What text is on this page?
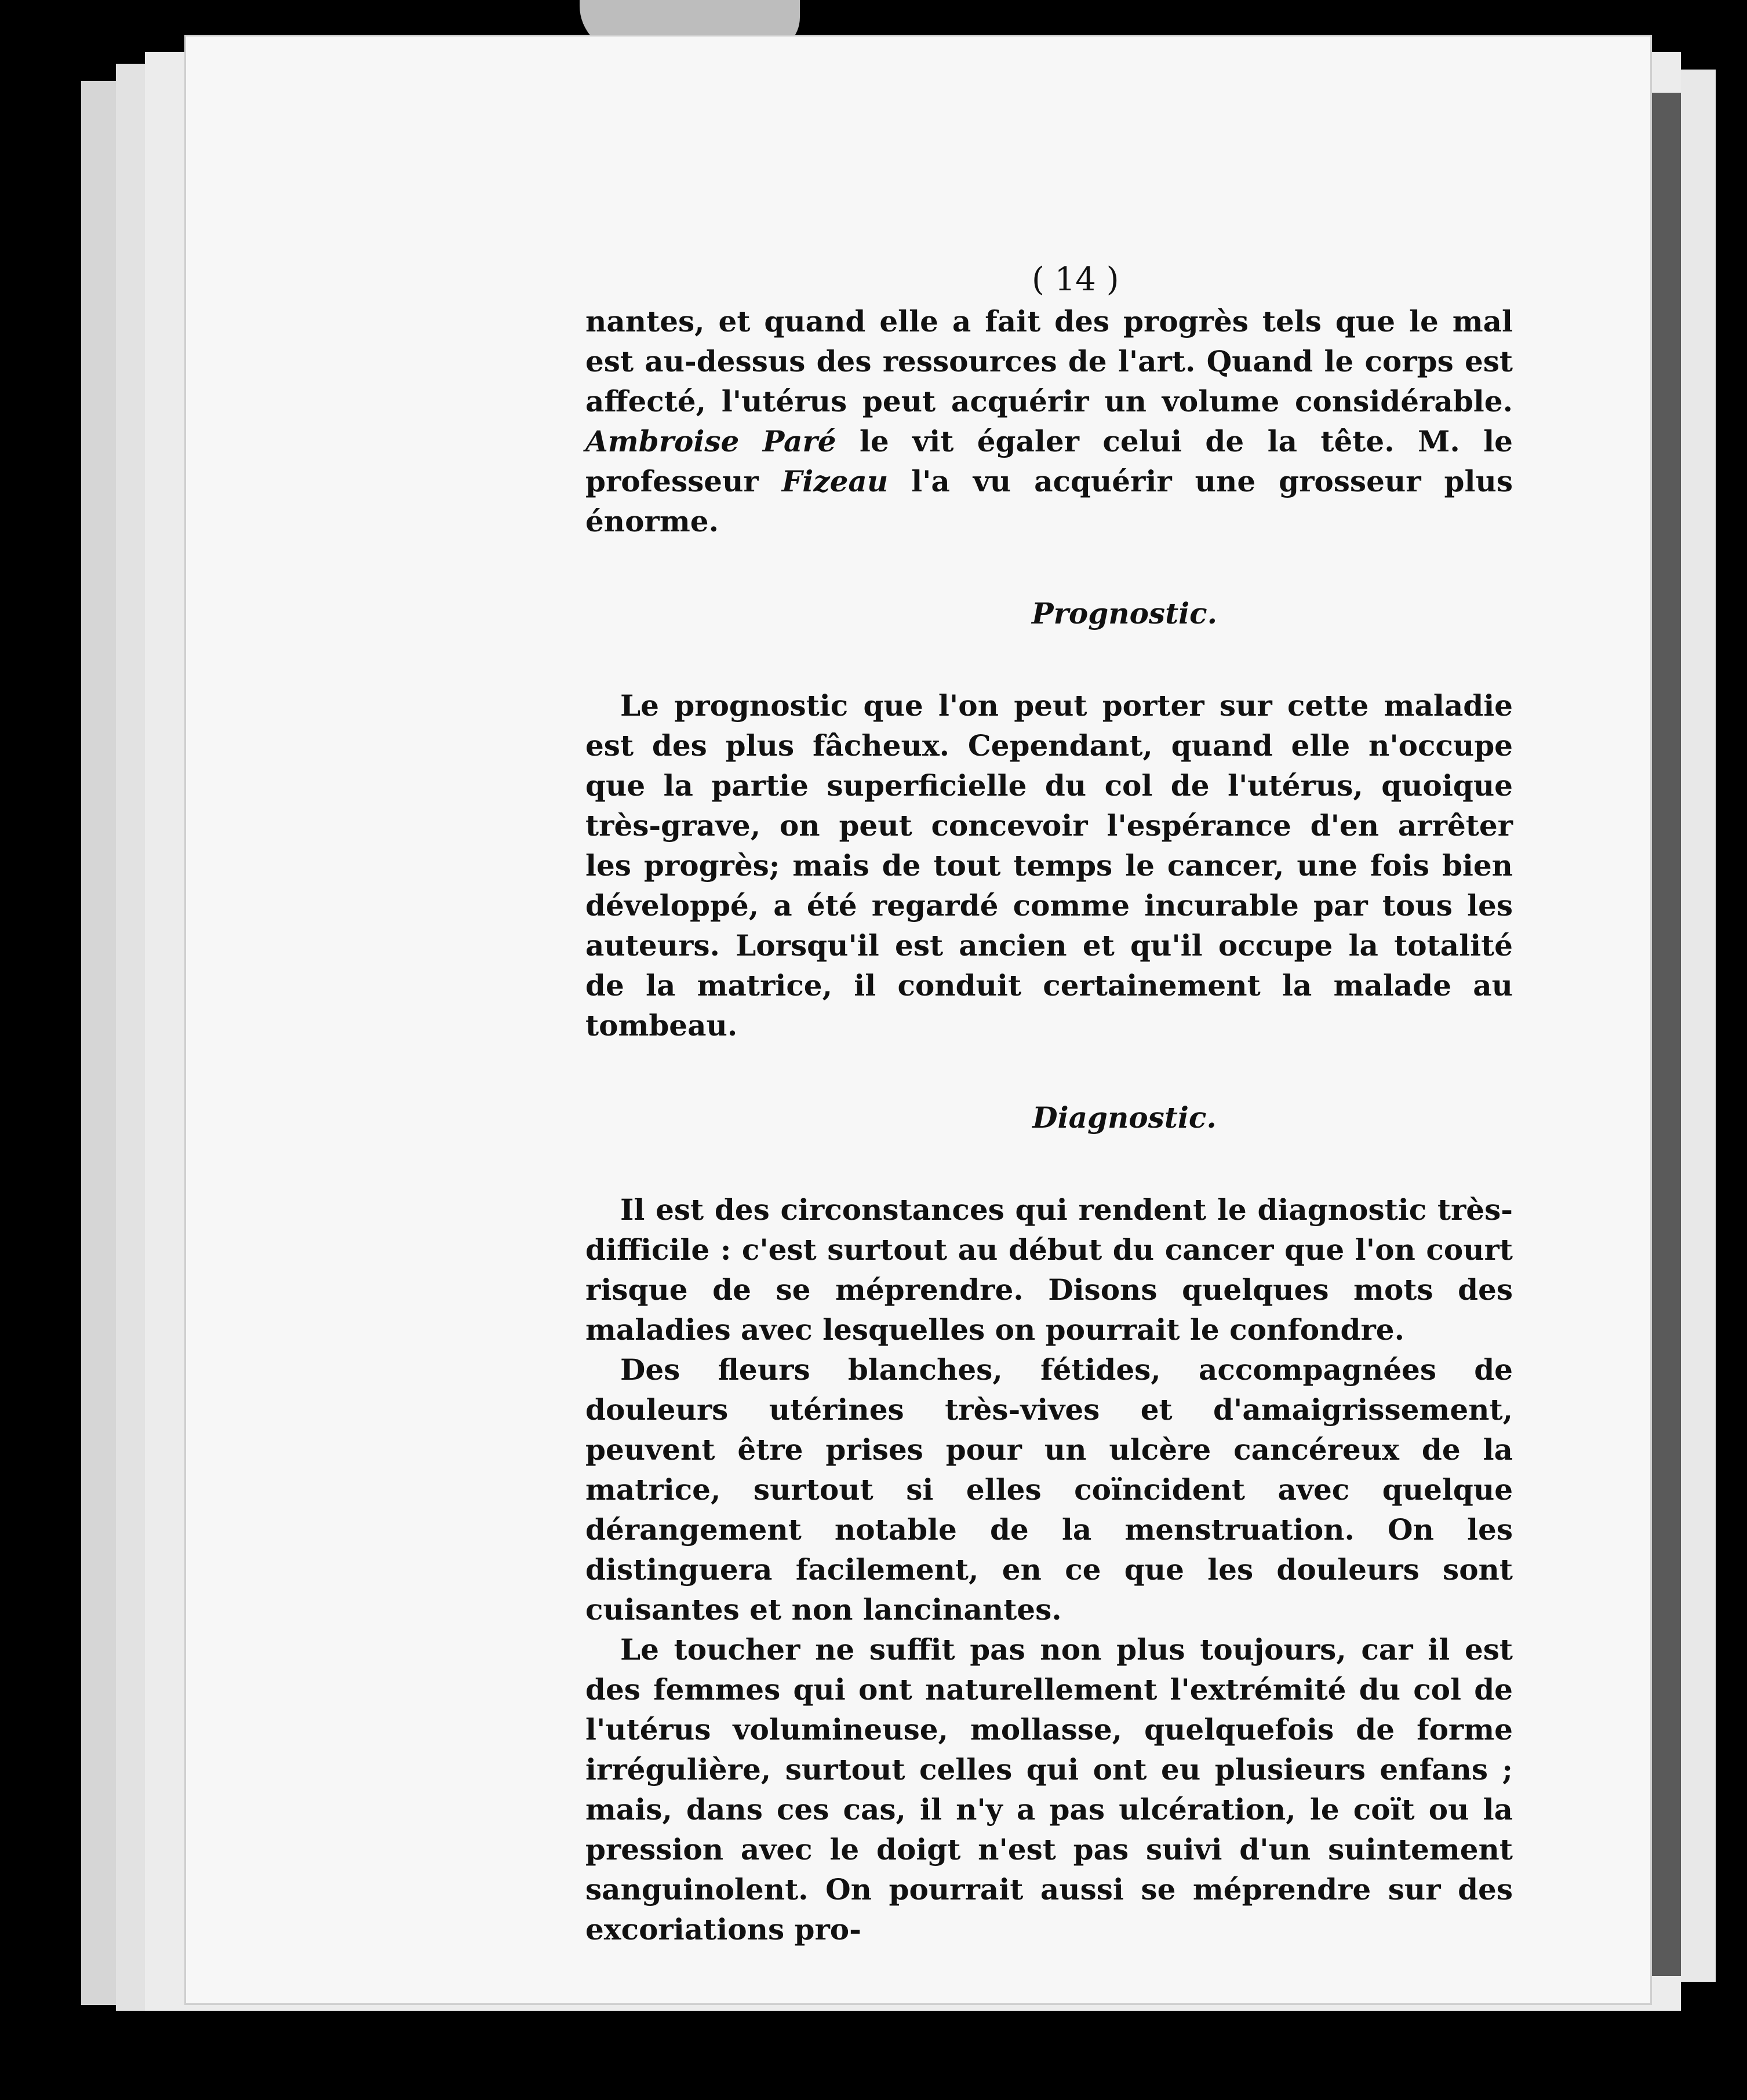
( 14 )

nantes, et quand elle a fait des progrès tels que le mal est au-dessus des ressources de l'art. Quand le corps est affecté, l'utérus peut acquérir un volume considérable. Ambroise Paré le vit égaler celui de la tête. M. le professeur Fizeau l'a vu acquérir une grosseur plus énorme.

Prognostic.

Le prognostic que l'on peut porter sur cette maladie est des plus fâcheux. Cependant, quand elle n'occupe que la partie superficielle du col de l'utérus, quoique très-grave, on peut concevoir l'espérance d'en arrêter les progrès; mais de tout temps le cancer, une fois bien développé, a été regardé comme incurable par tous les auteurs. Lorsqu'il est ancien et qu'il occupe la totalité de la matrice, il conduit certainement la malade au tombeau.

Diagnostic.

Il est des circonstances qui rendent le diagnostic très-difficile : c'est surtout au début du cancer que l'on court risque de se méprendre. Disons quelques mots des maladies avec lesquelles on pourrait le confondre.

Des fleurs blanches, fétides, accompagnées de douleurs utérines très-vives et d'amaigrissement, peuvent être prises pour un ulcère cancéreux de la matrice, surtout si elles coïncident avec quelque dérangement notable de la menstruation. On les distinguera facilement, en ce que les douleurs sont cuisantes et non lancinantes.

Le toucher ne suffit pas non plus toujours, car il est des femmes qui ont naturellement l'extrémité du col de l'utérus volumineuse, mollasse, quelquefois de forme irrégulière, surtout celles qui ont eu plusieurs enfans ; mais, dans ces cas, il n'y a pas ulcération, le coït ou la pression avec le doigt n'est pas suivi d'un suintement sanguinolent. On pourrait aussi se méprendre sur des excoriations pro-
